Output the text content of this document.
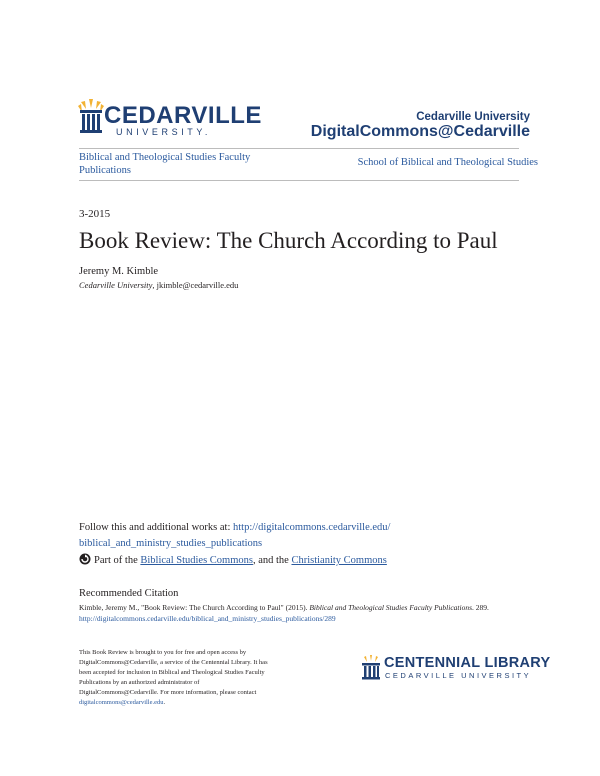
CEDARVILLE
UNIVERSITY.
Cedarville University
DigitalCommons@Cedarville
Biblical and Theological Studies Faculty Publications
School of Biblical and Theological Studies
3-2015
Book Review: The Church According to Paul
Jeremy M. Kimble
Cedarville University, jkimble@cedarville.edu
Follow this and additional works at: http://digitalcommons.cedarville.edu/
biblical_and_ministry_studies_publications
Part of the Biblical Studies Commons, and the Christianity Commons
Recommended Citation
Kimble, Jeremy M., "Book Review: The Church According to Paul" (2015). Biblical and Theological Studies Faculty Publications. 289.
http://digitalcommons.cedarville.edu/biblical_and_ministry_studies_publications/289
This Book Review is brought to you for free and open access by
DigitalCommons@Cedarville, a service of the Centennial Library. It has
been accepted for inclusion in Biblical and Theological Studies Faculty
Publications by an authorized administrator of
DigitalCommons@Cedarville. For more information, please contact
digitalcommons@cedarville.edu.
CENTENNIAL LIBRARY
CEDARVILLE UNIVERSITY
